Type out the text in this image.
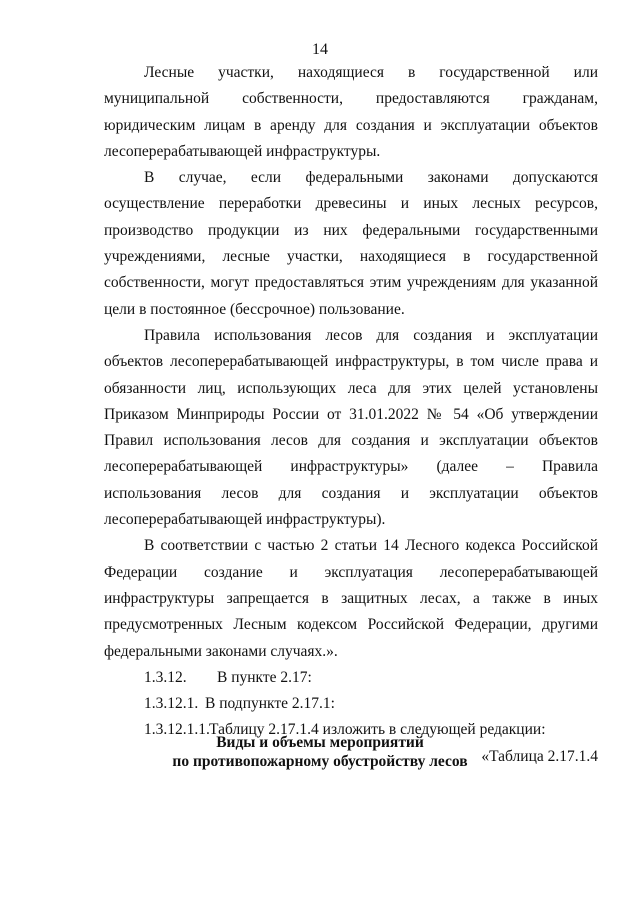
14

Лесные участки, находящиеся в государственной или муниципальной собственности, предоставляются гражданам, юридическим лицам в аренду для создания и эксплуатации объектов лесоперерабатывающей инфраструктуры.

В случае, если федеральными законами допускаются осуществление переработки древесины и иных лесных ресурсов, производство продукции из них федеральными государственными учреждениями, лесные участки, находящиеся в государственной собственности, могут предоставляться этим учреждениям для указанной цели в постоянное (бессрочное) пользование.

Правила использования лесов для создания и эксплуатации объектов лесоперерабатывающей инфраструктуры, в том числе права и обязанности лиц, использующих леса для этих целей установлены Приказом Минприроды России от 31.01.2022 № 54 «Об утверждении Правил использования лесов для создания и эксплуатации объектов лесоперерабатывающей инфраструктуры» (далее – Правила использования лесов для создания и эксплуатации объектов лесоперерабатывающей инфраструктуры).

В соответствии с частью 2 статьи 14 Лесного кодекса Российской Федерации создание и эксплуатация лесоперерабатывающей инфраструктуры запрещается в защитных лесах, а также в иных предусмотренных Лесным кодексом Российской Федерации, другими федеральными законами случаях.».

1.3.12. В пункте 2.17:

1.3.12.1. В подпункте 2.17.1:

1.3.12.1.1.Таблицу 2.17.1.4 изложить в следующей редакции:

«Таблица 2.17.1.4

Виды и объемы мероприятий
по противопожарному обустройству лесов
